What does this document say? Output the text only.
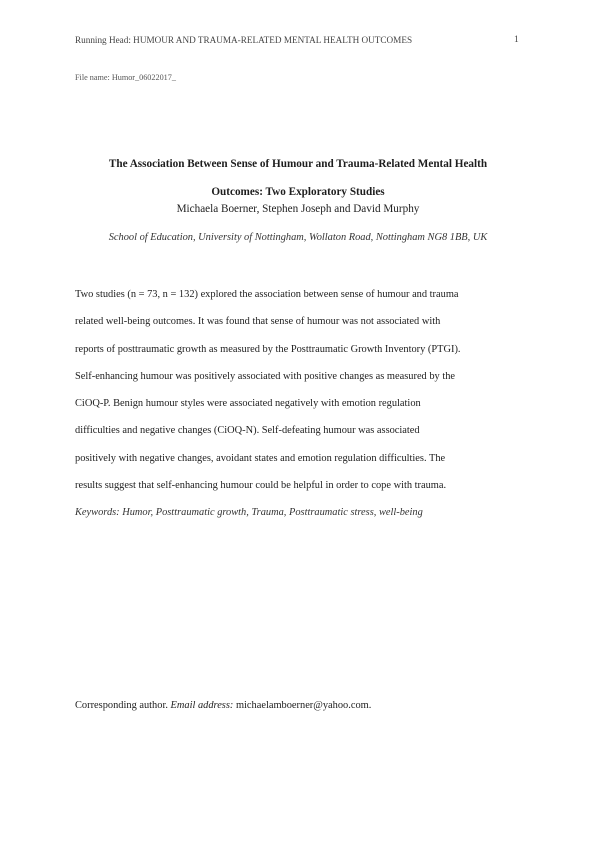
Running Head: HUMOUR AND TRAUMA-RELATED MENTAL HEALTH OUTCOMES	1
File name: Humor_06022017_
The Association Between Sense of Humour and Trauma-Related Mental Health
Outcomes: Two Exploratory Studies
Michaela Boerner, Stephen Joseph and David Murphy
School of Education, University of Nottingham, Wollaton Road, Nottingham NG8 1BB, UK
Two studies (n = 73, n = 132) explored the association between sense of humour and trauma
related well-being outcomes. It was found that sense of humour was not associated with
reports of posttraumatic growth as measured by the Posttraumatic Growth Inventory (PTGI).
Self-enhancing humour was positively associated with positive changes as measured by the
CiOQ-P. Benign humour styles were associated negatively with emotion regulation
difficulties and negative changes (CiOQ-N). Self-defeating humour was associated
positively with negative changes, avoidant states and emotion regulation difficulties. The
results suggest that self-enhancing humour could be helpful in order to cope with trauma.
Keywords: Humor, Posttraumatic growth, Trauma, Posttraumatic stress, well-being
Corresponding author. Email address: michaelamboerner@yahoo.com.
